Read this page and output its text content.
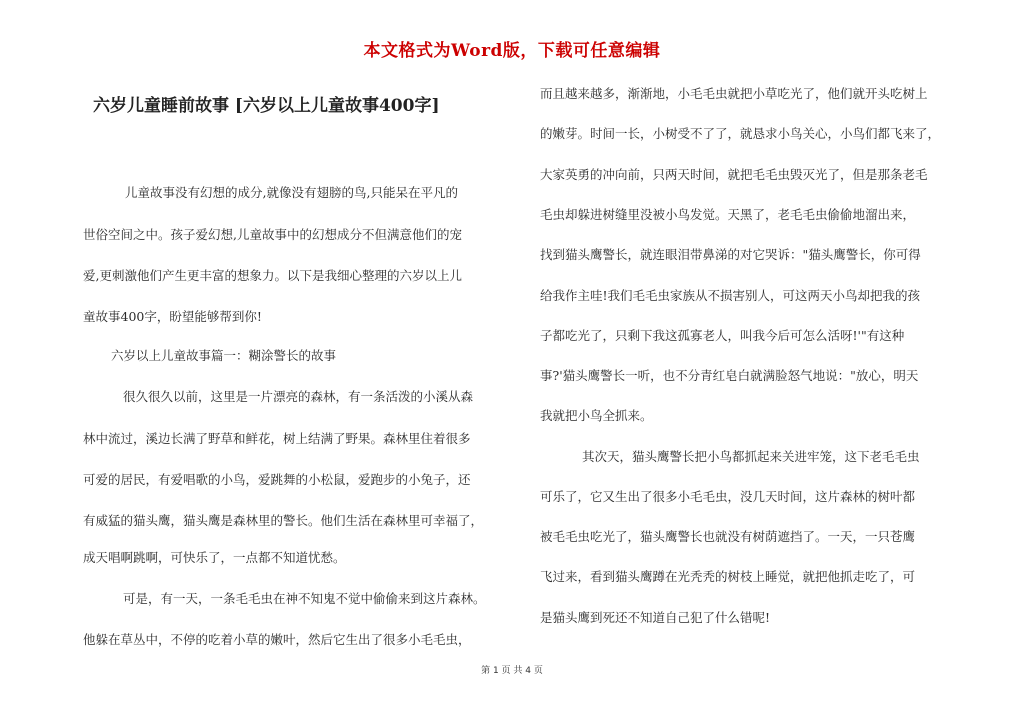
本文格式为Word版，下载可任意编辑
六岁儿童睡前故事 [六岁以上儿童故事400字]
儿童故事没有幻想的成分,就像没有翅膀的鸟,只能呆在平凡的
世俗空间之中。孩子爱幻想,儿童故事中的幻想成分不但满意他们的宠
爱,更刺激他们产生更丰富的想象力。以下是我细心整理的六岁以上儿
童故事400字，盼望能够帮到你!
六岁以上儿童故事篇一：糊涂警长的故事
很久很久以前，这里是一片漂亮的森林，有一条活泼的小溪从森
林中流过，溪边长满了野草和鲜花，树上结满了野果。森林里住着很多
可爱的居民，有爱唱歌的小鸟，爱跳舞的小松鼠，爱跑步的小兔子，还
有威猛的猫头鹰，猫头鹰是森林里的警长。他们生活在森林里可幸福了，
成天唱啊跳啊，可快乐了，一点都不知道忧愁。
可是，有一天，一条毛毛虫在神不知鬼不觉中偷偷来到这片森林。
他躲在草丛中，不停的吃着小草的嫩叶，然后它生出了很多小毛毛虫，
而且越来越多，渐渐地，小毛毛虫就把小草吃光了，他们就开头吃树上
的嫩芽。时间一长，小树受不了了，就恳求小鸟关心，小鸟们都飞来了，
大家英勇的冲向前，只两天时间，就把毛毛虫毁灭光了，但是那条老毛
毛虫却躲进树缝里没被小鸟发觉。天黑了，老毛毛虫偷偷地溜出来，
找到猫头鹰警长，就连眼泪带鼻涕的对它哭诉："猫头鹰警长，你可得
给我作主哇!我们毛毛虫家族从不损害别人，可这两天小鸟却把我的孩
子都吃光了，只剩下我这孤寡老人，叫我今后可怎么活呀!'"有这种
事?'猫头鹰警长一听，也不分青红皂白就满脸怒气地说："放心，明天
我就把小鸟全抓来。
其次天，猫头鹰警长把小鸟都抓起来关进牢笼，这下老毛毛虫
可乐了，它又生出了很多小毛毛虫，没几天时间，这片森林的树叶都
被毛毛虫吃光了，猫头鹰警长也就没有树荫遮挡了。一天，一只苍鹰
飞过来，看到猫头鹰蹲在光秃秃的树枝上睡觉，就把他抓走吃了，可
是猫头鹰到死还不知道自己犯了什么错呢!
第 1 页 共 4 页
